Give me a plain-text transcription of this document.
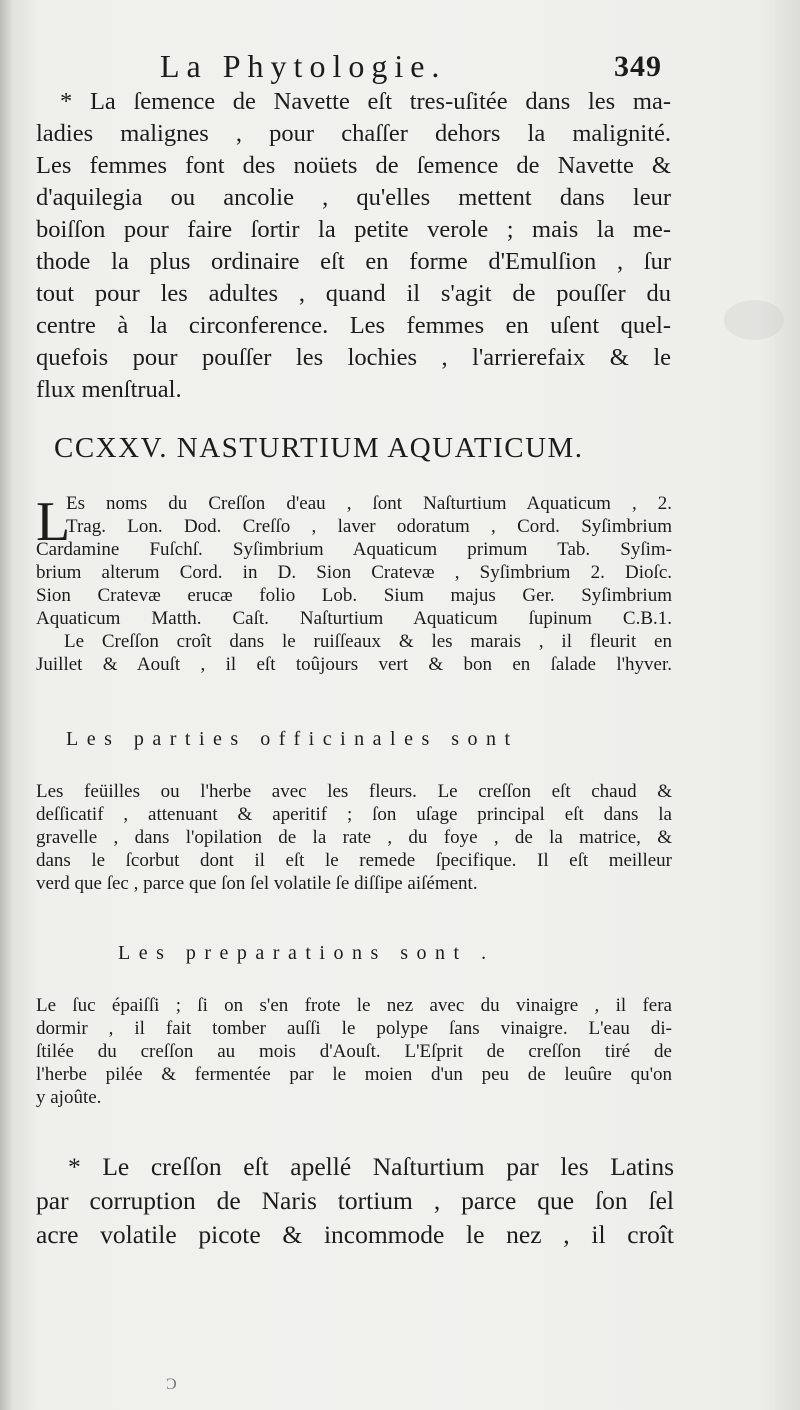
La Phytologie.	349
* La ſemence de Navette eſt tres-uſitée dans les ma-
ladies malignes , pour chaſſer dehors la malignité.
Les femmes font des noüets de ſemence de Navette &
d'aquilegia ou ancolie , qu'elles mettent dans leur
boiſſon pour faire ſortir la petite verole ; mais la me-
thode la plus ordinaire eſt en forme d'Emulſion , ſur
tout pour les adultes , quand il s'agit de pouſſer du
centre à la circonference. Les femmes en uſent quel-
quefois pour pouſſer les lochies , l'arrierefaix & le
flux menſtrual.
CCXXV. NASTURTIUM AQUATICUM.
L
Es noms du Creſſon d'eau , ſont Naſturtium Aquaticum , 2.
Trag. Lon. Dod. Creſſo , laver odoratum , Cord. Syſimbrium
Cardamine Fuſchſ. Syſimbrium Aquaticum primum Tab. Syſim-
brium alterum Cord. in D. Sion Cratevæ , Syſimbrium 2. Dioſc.
Sion Cratevæ erucæ folio Lob. Sium majus Ger. Syſimbrium
Aquaticum Matth. Caſt. Naſturtium Aquaticum ſupinum C.B.1.
Le Creſſon croît dans le ruiſſeaux & les marais , il fleurit en
Juillet & Aouſt , il eſt toûjours vert & bon en ſalade l'hyver.
Les parties officinales sont
Les feüilles ou l'herbe avec les fleurs. Le creſſon eſt chaud &
deſſicatif , attenuant & aperitif ; ſon uſage principal eſt dans la
gravelle , dans l'opilation de la rate , du foye , de la matrice, &
dans le ſcorbut dont il eſt le remede ſpecifique. Il eſt meilleur
verd que ſec , parce que ſon ſel volatile ſe diſſipe aiſément.
Les preparations sont .
Le ſuc épaiſſi ; ſi on s'en frote le nez avec du vinaigre , il fera
dormir , il fait tomber auſſi le polype ſans vinaigre. L'eau di-
ſtilée du creſſon au mois d'Aouſt. L'Eſprit de creſſon tiré de
l'herbe pilée & fermentée par le moien d'un peu de leuûre qu'on
y ajoûte.
* Le creſſon eſt apellé Naſturtium par les Latins
par corruption de Naris tortium , parce que ſon ſel
acre volatile picote & incommode le nez , il croît
Ɔ
